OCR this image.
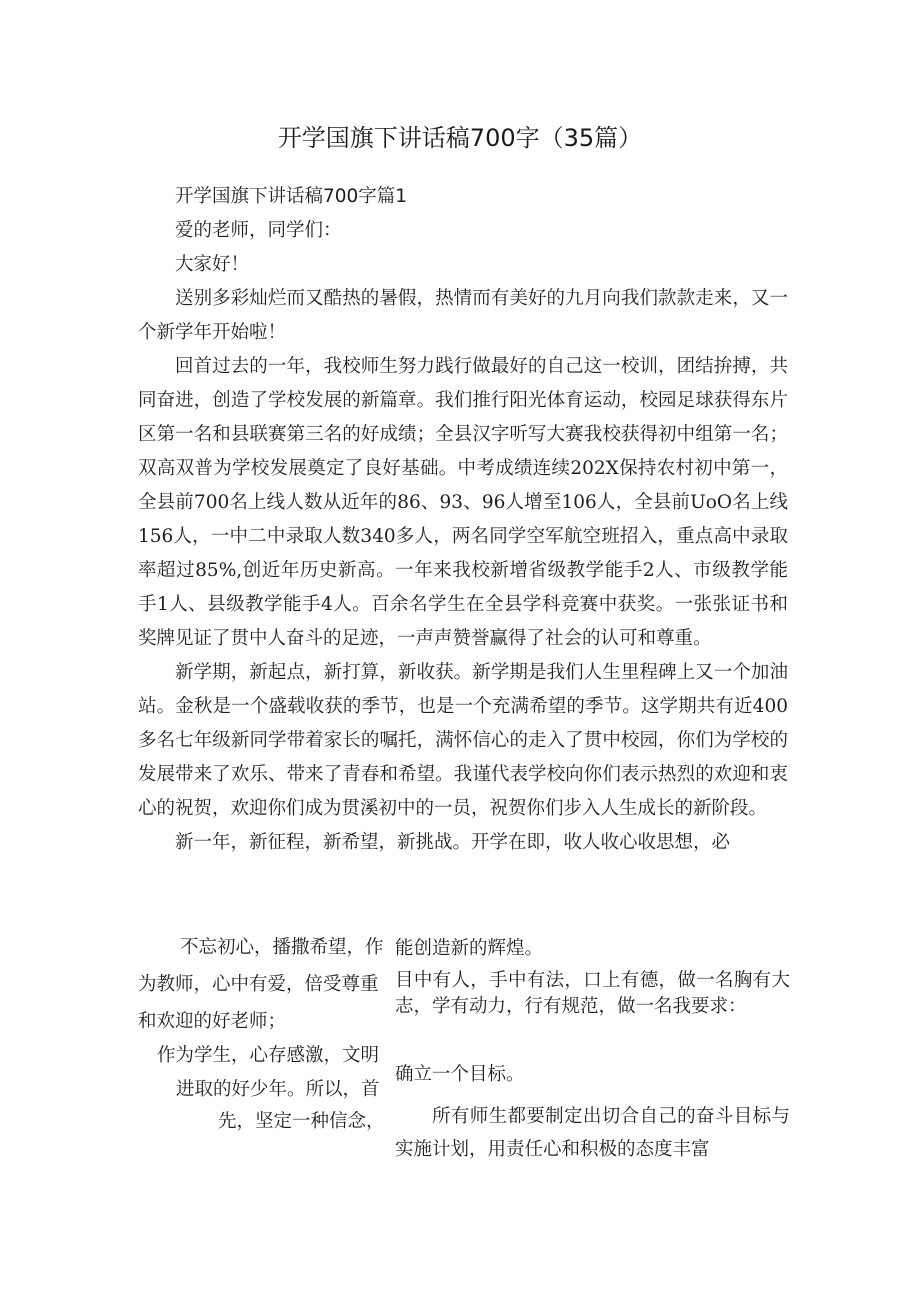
开学国旗下讲话稿700字（35篇）

开学国旗下讲话稿700字篇1

爱的老师，同学们：

大家好！

送别多彩灿烂而又酷热的暑假，热情而有美好的九月向我们款款走来，又一个新学年开始啦！

回首过去的一年，我校师生努力践行做最好的自己这一校训，团结拚搏，共同奋进，创造了学校发展的新篇章。我们推行阳光体育运动，校园足球获得东片区第一名和县联赛第三名的好成绩；全县汉字听写大赛我校获得初中组第一名；双高双普为学校发展奠定了良好基础。中考成绩连续202X保持农村初中第一，全县前700名上线人数从近年的86、93、96人增至106人，全县前UoO名上线156人，一中二中录取人数340多人，两名同学空军航空班招入，重点高中录取率超过85%,创近年历史新高。一年来我校新增省级教学能手2人、市级教学能手1人、县级教学能手4人。百余名学生在全县学科竞赛中获奖。一张张证书和奖牌见证了贯中人奋斗的足迹，一声声赞誉赢得了社会的认可和尊重。

新学期，新起点，新打算，新收获。新学期是我们人生里程碑上又一个加油站。金秋是一个盛载收获的季节，也是一个充满希望的季节。这学期共有近400多名七年级新同学带着家长的嘱托，满怀信心的走入了贯中校园，你们为学校的发展带来了欢乐、带来了青春和希望。我谨代表学校向你们表示热烈的欢迎和衷心的祝贺，欢迎你们成为贯溪初中的一员，祝贺你们步入人生成长的新阶段。

新一年，新征程，新希望，新挑战。开学在即，收人收心收思想，必

不忘初心，播撒希望，作
为教师，心中有爱，倍受尊重
和欢迎的好老师；
作为学生，心存感激，文明
进取的好少年。所以，首
先，坚定一种信念，

能创造新的辉煌。

目中有人，手中有法，口上有德，做一名胸有大志，学有动力，行有规范，做一名我要求：

确立一个目标。

所有师生都要制定出切合自己的奋斗目标与实施计划，用责任心和积极的态度丰富
